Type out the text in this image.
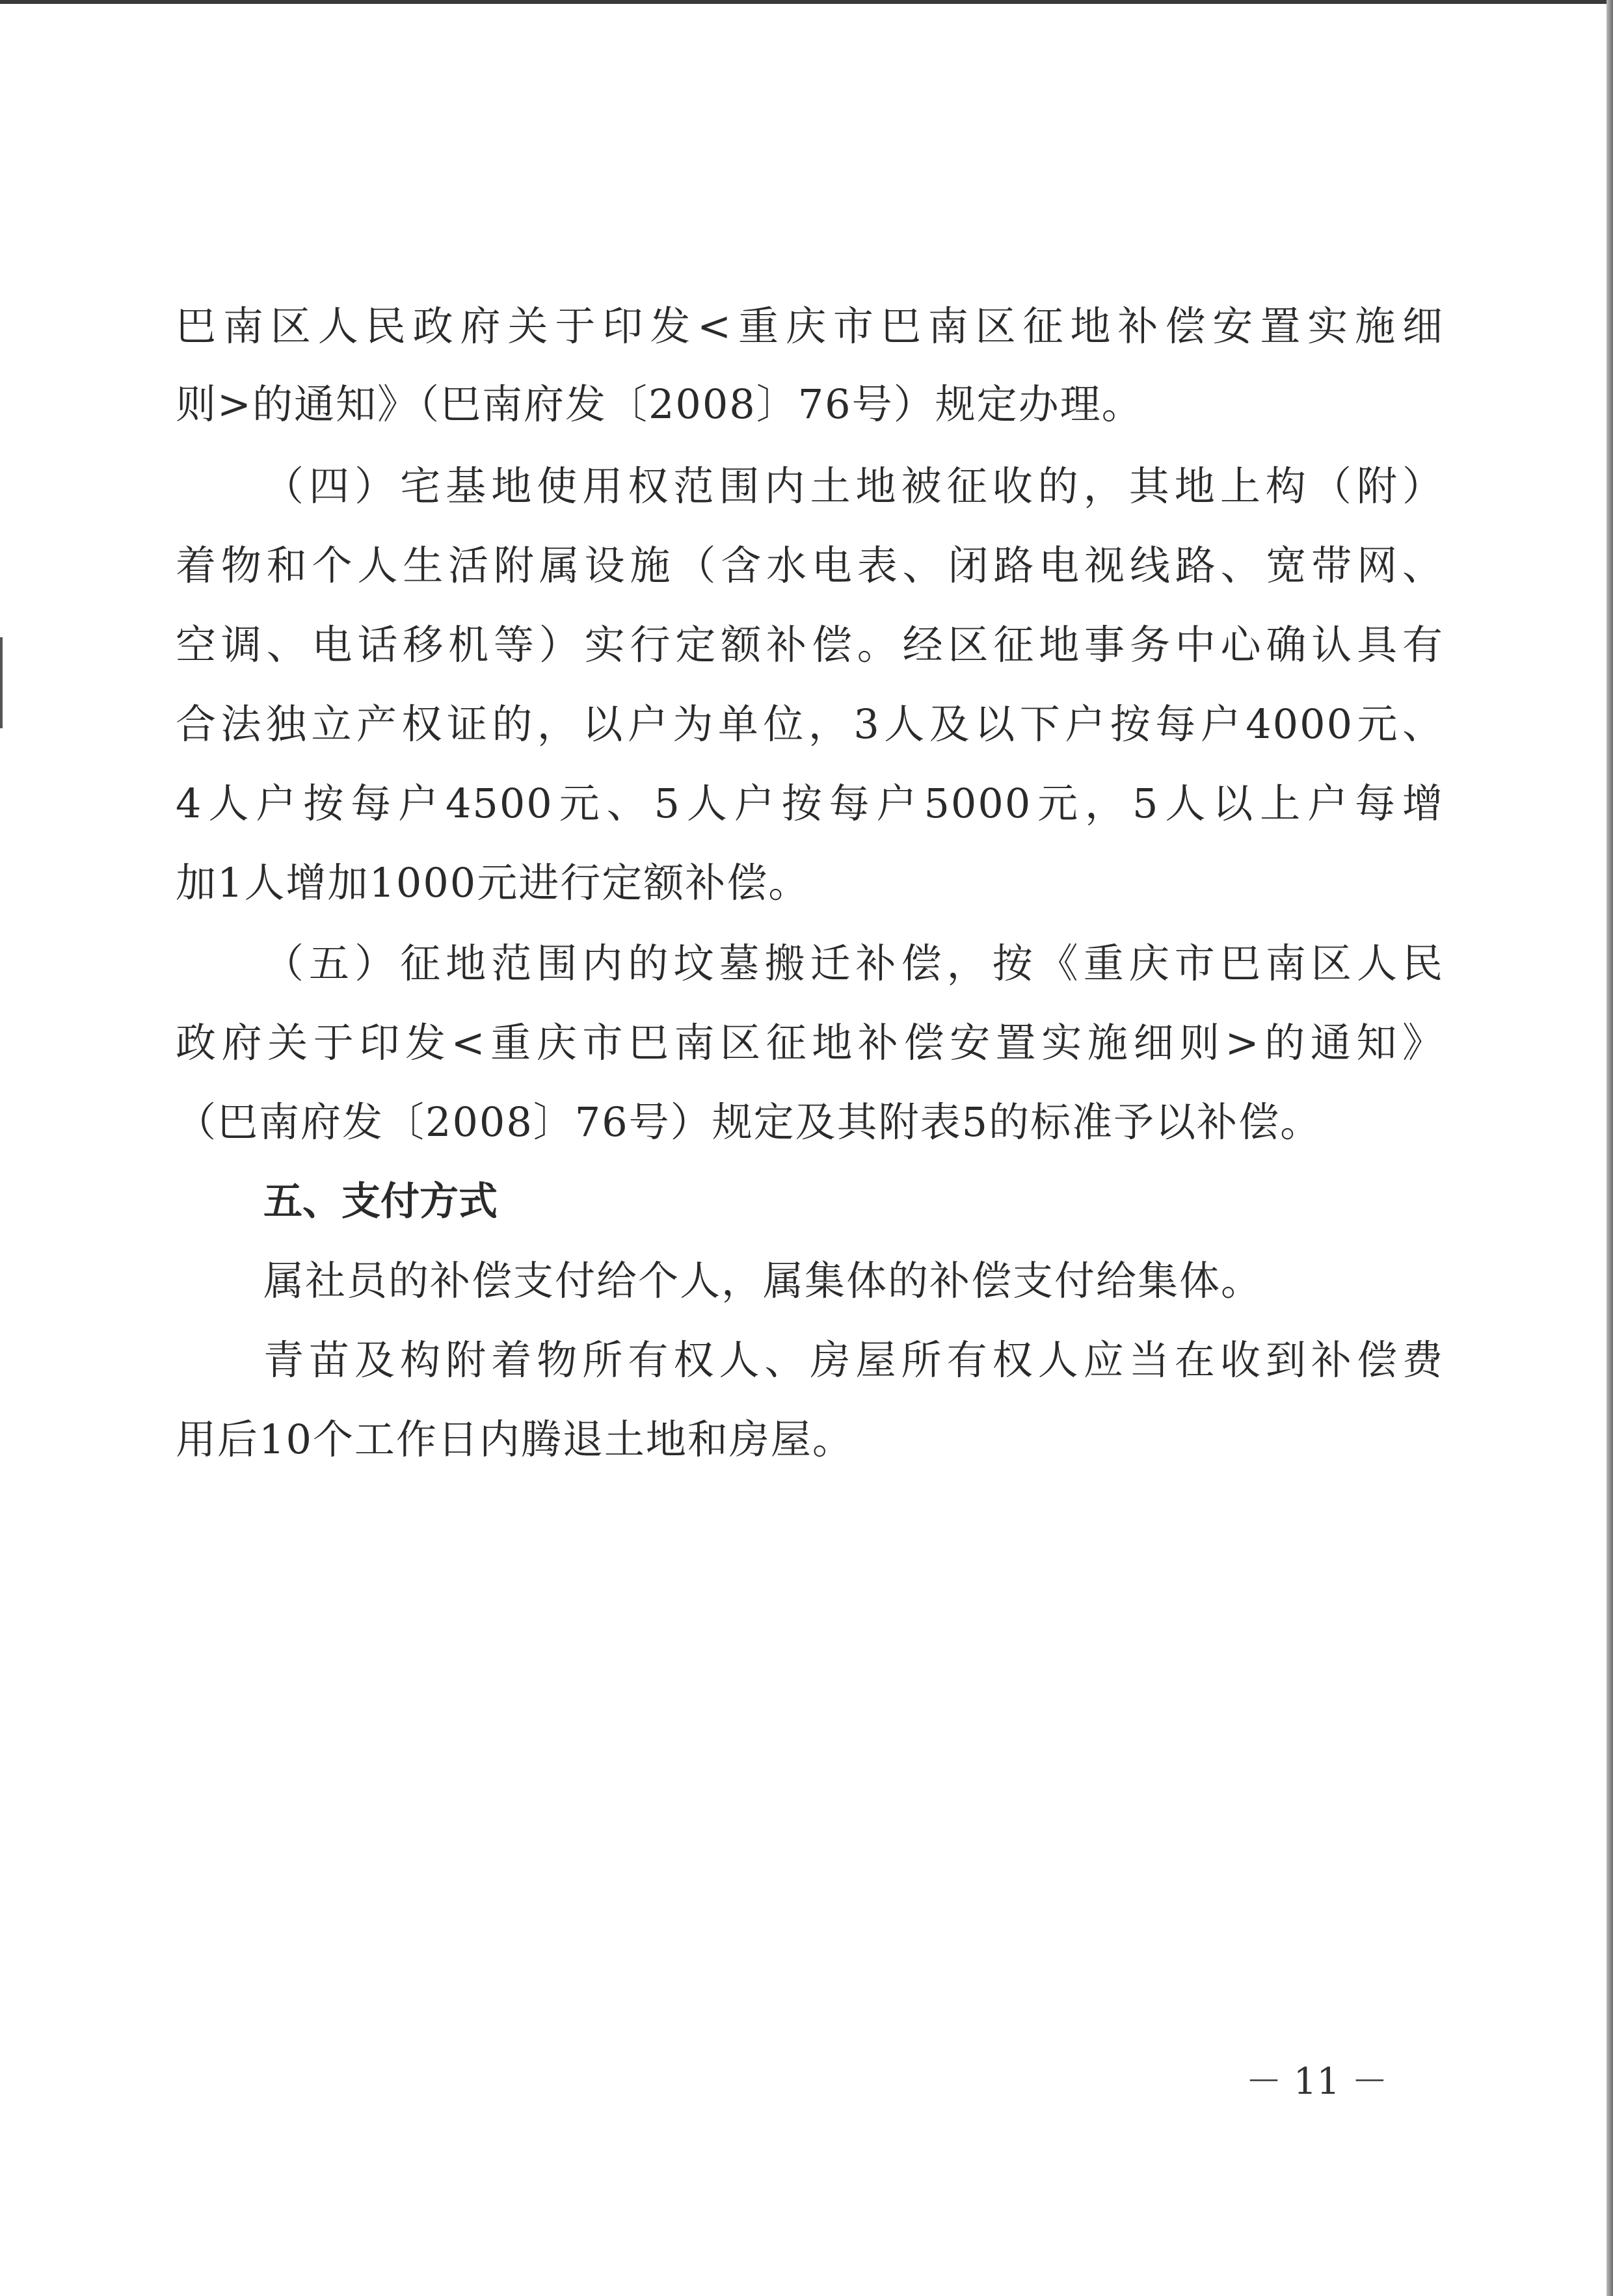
巴南区人民政府关于印发<重庆市巴南区征地补偿安置实施细
则>的通知》（巴南府发〔2008〕76号）规定办理。
（四）宅基地使用权范围内土地被征收的，其地上构（附）
着物和个人生活附属设施（含水电表、闭路电视线路、宽带网、
空调、电话移机等）实行定额补偿。经区征地事务中心确认具有
合法独立产权证的，以户为单位，3人及以下户按每户4000元、
4人户按每户4500元、5人户按每户5000元，5人以上户每增
加1人增加1000元进行定额补偿。
（五）征地范围内的坟墓搬迁补偿，按《重庆市巴南区人民
政府关于印发<重庆市巴南区征地补偿安置实施细则>的通知》
（巴南府发〔2008〕76号）规定及其附表5的标准予以补偿。
五、支付方式
属社员的补偿支付给个人，属集体的补偿支付给集体。
青苗及构附着物所有权人、房屋所有权人应当在收到补偿费
用后10个工作日内腾退土地和房屋。
－ 11 －
